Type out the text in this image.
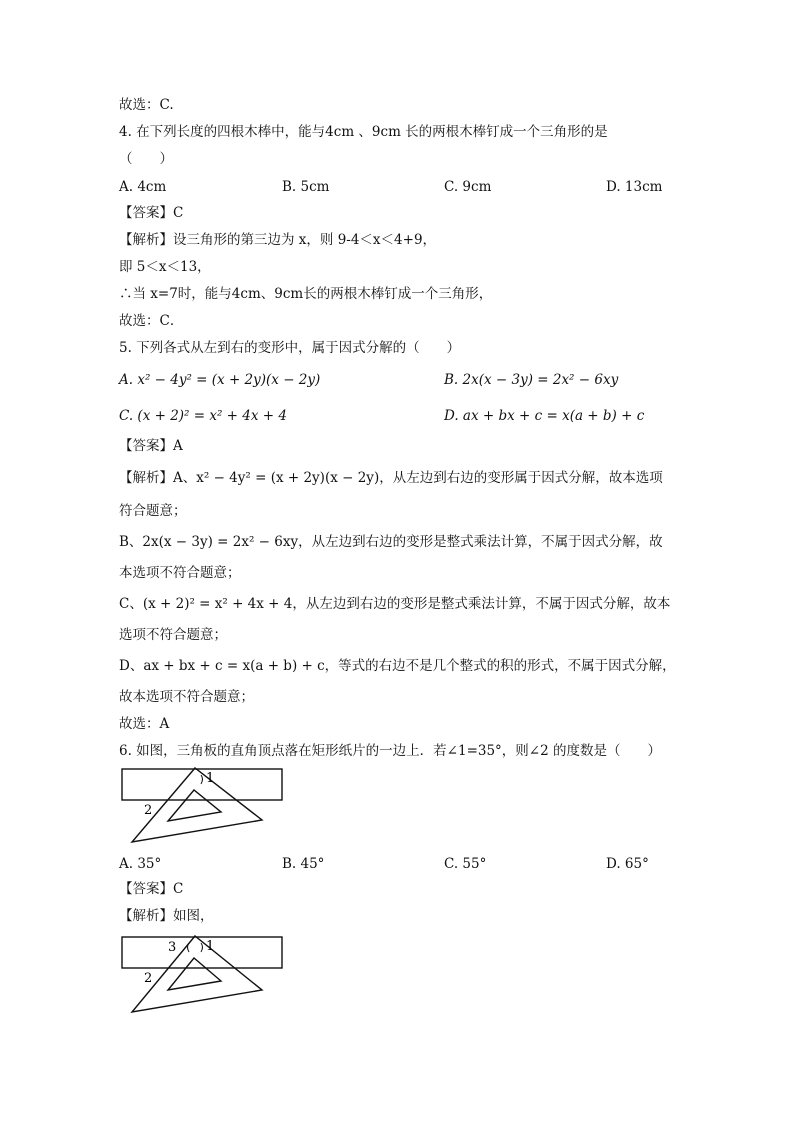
故选：C.
4. 在下列长度的四根木棒中，能与4cm 、9cm 长的两根木棒钉成一个三角形的是
（　　）
A. 4cm	B. 5cm	C. 9cm	D. 13cm
【答案】C
【解析】设三角形的第三边为 x，则 9-4＜x＜4+9，
即 5＜x＜13，
∴当 x=7时，能与4cm、9cm长的两根木棒钉成一个三角形，
故选：C．
5. 下列各式从左到右的变形中，属于因式分解的（　　）
A. x² − 4y² = (x + 2y)(x − 2y)	B. 2x(x − 3y) = 2x² − 6xy
C. (x + 2)² = x² + 4x + 4	D. ax + bx + c = x(a + b) + c
【答案】A
【解析】A、x² − 4y² = (x + 2y)(x − 2y)，从左边到右边的变形属于因式分解，故本选项
符合题意；
B、2x(x − 3y) = 2x² − 6xy，从左边到右边的变形是整式乘法计算，不属于因式分解，故
本选项不符合题意；
C、(x + 2)² = x² + 4x + 4，从左边到右边的变形是整式乘法计算，不属于因式分解，故本
选项不符合题意；
D、ax + bx + c = x(a + b) + c，等式的右边不是几个整式的积的形式，不属于因式分解，
故本选项不符合题意；
故选：A
6. 如图，三角板的直角顶点落在矩形纸片的一边上．若∠1=35°，则∠2 的度数是（　　）
1
2
A. 35°	B. 45°	C. 55°	D. 65°
【答案】C
【解析】如图，
3 1
2
